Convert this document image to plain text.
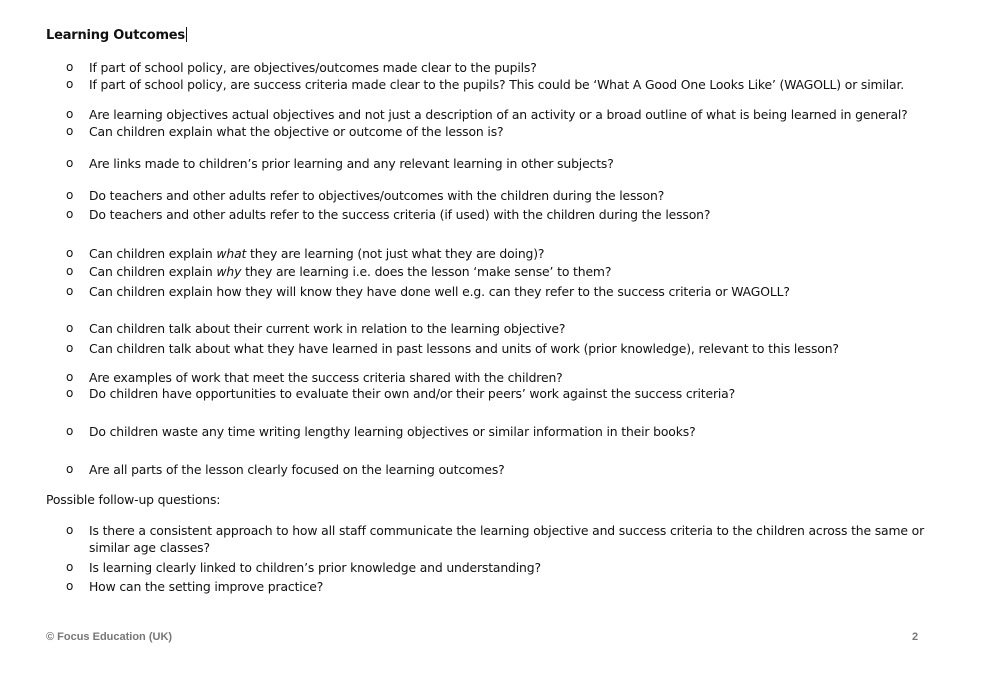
Learning Outcomes
o If part of school policy, are objectives/outcomes made clear to the pupils?
o If part of school policy, are success criteria made clear to the pupils? This could be ‘What A Good One Looks Like’ (WAGOLL) or similar.
o Are learning objectives actual objectives and not just a description of an activity or a broad outline of what is being learned in general?
o Can children explain what the objective or outcome of the lesson is?
o Are links made to children’s prior learning and any relevant learning in other subjects?
o Do teachers and other adults refer to objectives/outcomes with the children during the lesson?
o Do teachers and other adults refer to the success criteria (if used) with the children during the lesson?
o Can children explain what they are learning (not just what they are doing)?
o Can children explain why they are learning i.e. does the lesson ‘make sense’ to them?
o Can children explain how they will know they have done well e.g. can they refer to the success criteria or WAGOLL?
o Can children talk about their current work in relation to the learning objective?
o Can children talk about what they have learned in past lessons and units of work (prior knowledge), relevant to this lesson?
o Are examples of work that meet the success criteria shared with the children?
o Do children have opportunities to evaluate their own and/or their peers’ work against the success criteria?
o Do children waste any time writing lengthy learning objectives or similar information in their books?
o Are all parts of the lesson clearly focused on the learning outcomes?
Possible follow-up questions:
o Is there a consistent approach to how all staff communicate the learning objective and success criteria to the children across the same or similar age classes?
o Is learning clearly linked to children’s prior knowledge and understanding?
o How can the setting improve practice?
© Focus Education (UK)	2
